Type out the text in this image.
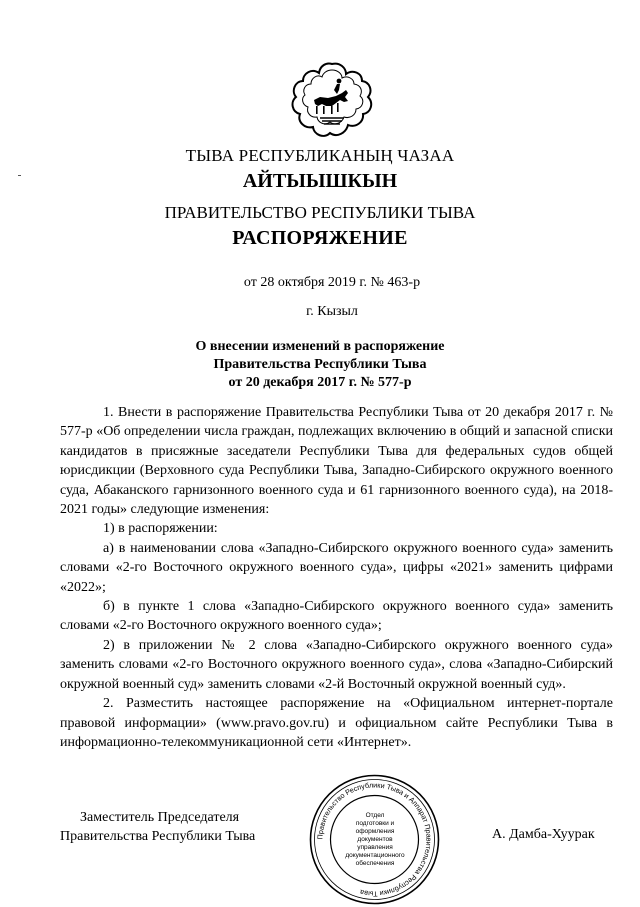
ТЫВА РЕСПУБЛИКАНЫҢ ЧАЗАА
АЙТЫЫШКЫН
ПРАВИТЕЛЬСТВО РЕСПУБЛИКИ ТЫВА
РАСПОРЯЖЕНИЕ
от 28 октября 2019 г. № 463-р
г. Кызыл
О внесении изменений в распоряжение
Правительства Республики Тыва
от 20 декабря 2017 г. № 577-р

1. Внести в распоряжение Правительства Республики Тыва от 20 декабря 2017 г. № 577-р «Об определении числа граждан, подлежащих включению в общий и запасной списки кандидатов в присяжные заседатели Республики Тыва для федеральных судов общей юрисдикции (Верховного суда Республики Тыва, Западно-Сибирского окружного военного суда, Абаканского гарнизонного военного суда и 61 гарнизонного военного суда), на 2018-2021 годы» следующие изменения:

1) в распоряжении:

а) в наименовании слова «Западно-Сибирского окружного военного суда» заменить словами «2-го Восточного окружного военного суда», цифры «2021» заменить цифрами «2022»;

б) в пункте 1 слова «Западно-Сибирского окружного военного суда» заменить словами «2-го Восточного окружного военного суда»;

2) в приложении № 2 слова «Западно-Сибирского окружного военного суда» заменить словами «2-го Восточного окружного военного суда», слова «Западно-Сибирский окружной военный суд» заменить словами «2-й Восточный окружной военный суд».

2. Разместить настоящее распоряжение на «Официальном интернет-портале правовой информации» (www.pravo.gov.ru) и официальном сайте Республики Тыва в информационно-телекоммуникационной сети «Интернет».

Заместитель Председателя
Правительства Республики Тыва	А. Дамба-Хуурак
Правительство Республики Тыва и Аппарат Правительства Республики Тыва
Отдел
подготовки и
оформления документов
управления
документационного
обеспечения
